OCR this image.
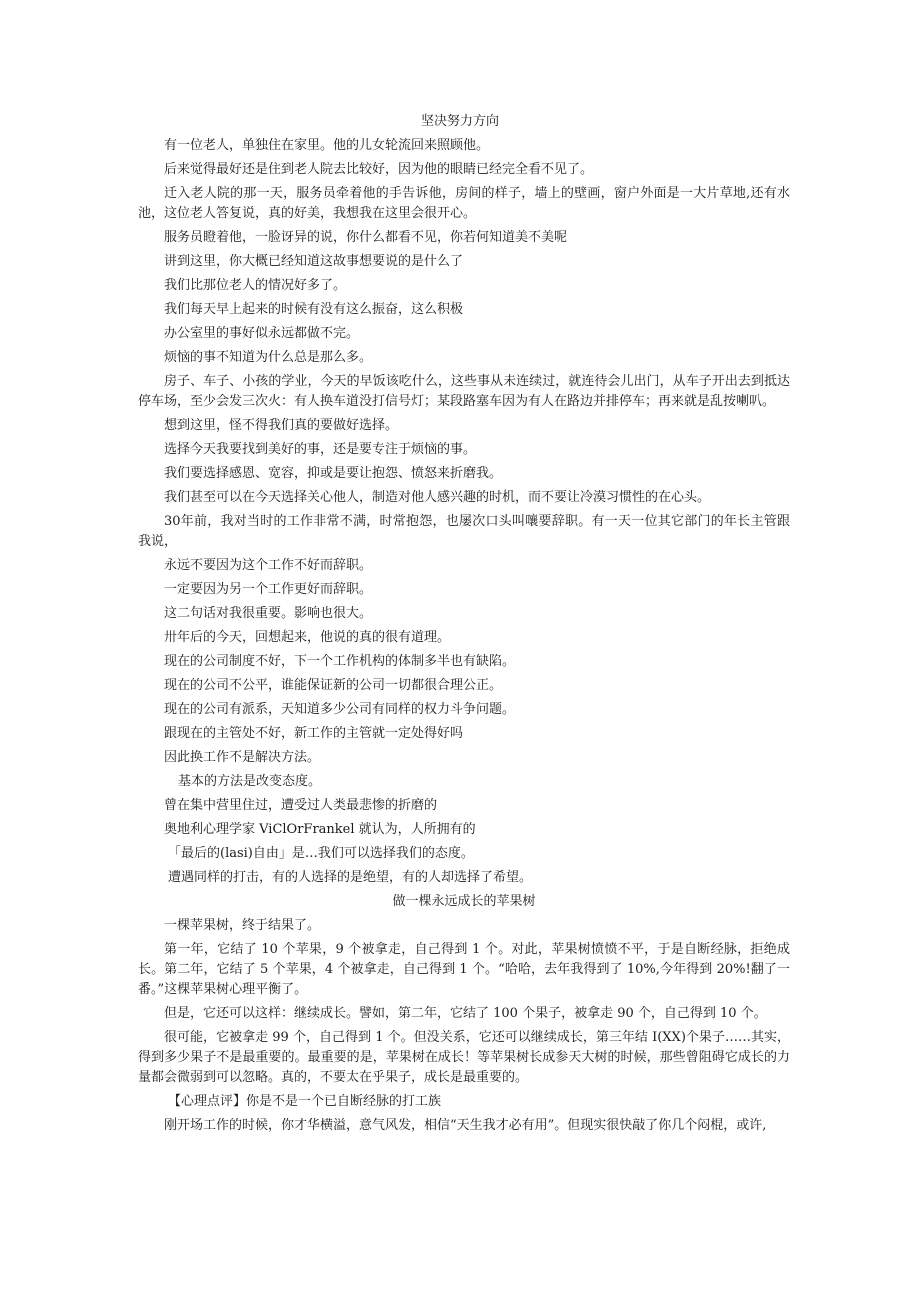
坚决努力方向

有一位老人，单独住在家里。他的儿女轮流回来照顾他。

后来觉得最好还是住到老人院去比较好，因为他的眼睛已经完全看不见了。

迁入老人院的那一天，服务员牵着他的手告诉他，房间的样子，墙上的壁画，窗户外面是一大片草地,还有水池，这位老人答复说，真的好美，我想我在这里会很开心。

服务员瞪着他，一脸讶异的说，你什么都看不见，你若何知道美不美呢

讲到这里，你大概已经知道这故事想要说的是什么了

我们比那位老人的情况好多了。

我们每天早上起来的时候有没有这么振奋，这么积极

办公室里的事好似永远都做不完。

烦恼的事不知道为什么总是那么多。

房子、车子、小孩的学业，今天的早饭该吃什么，这些事从未连续过，就连待会儿出门，从车子开出去到抵达停车场，至少会发三次火：有人换车道没打信号灯；某段路塞车因为有人在路边并排停车；再来就是乱按喇叭。

想到这里，怪不得我们真的要做好选择。

选择今天我要找到美好的事，还是要专注于烦恼的事。

我们要选择感恩、宽容，抑或是要让抱怨、愤怒来折磨我。

我们甚至可以在今天选择关心他人，制造对他人感兴趣的时机，而不要让冷漠习惯性的在心头。

30年前，我对当时的工作非常不满，时常抱怨，也屡次口头叫嚷要辞职。有一天一位其它部门的年长主管跟我说，

永远不要因为这个工作不好而辞职。

一定要因为另一个工作更好而辞职。

这二句话对我很重要。影响也很大。

卅年后的今天，回想起来，他说的真的很有道理。

现在的公司制度不好，下一个工作机构的体制多半也有缺陷。

现在的公司不公平，谁能保证新的公司一切都很合理公正。

现在的公司有派系，天知道多少公司有同样的权力斗争问题。

跟现在的主管处不好，新工作的主管就一定处得好吗

因此换工作不是解决方法。

基本的方法是改变态度。

曾在集中营里住过，遭受过人类最悲惨的折磨的

奥地利心理学家 ViClOrFrankel 就认为，人所拥有的

「最后的(lasi)自由」是…我们可以选择我们的态度。

遭遇同样的打击，有的人选择的是绝望，有的人却选择了希望。

做一棵永远成长的苹果树

一棵苹果树，终于结果了。

第一年，它结了 10 个苹果，9 个被拿走，自己得到 1 个。对此，苹果树愤愤不平，于是自断经脉，拒绝成长。第二年，它结了 5 个苹果，4 个被拿走，自己得到 1 个。“哈哈，去年我得到了 10%,今年得到 20%!翻了一番。”这棵苹果树心理平衡了。

但是，它还可以这样：继续成长。譬如，第二年，它结了 100 个果子，被拿走 90 个，自己得到 10 个。

很可能，它被拿走 99 个，自己得到 1 个。但没关系，它还可以继续成长，第三年结 I(XX)个果子……其实，得到多少果子不是最重要的。最重要的是，苹果树在成长！等苹果树长成参天大树的时候，那些曾阻碍它成长的力量都会微弱到可以忽略。真的，不要太在乎果子，成长是最重要的。

【心理点评】你是不是一个已自断经脉的打工族

刚开场工作的时候，你才华横溢，意气风发，相信“天生我才必有用”。但现实很快敲了你几个闷棍，或许,
